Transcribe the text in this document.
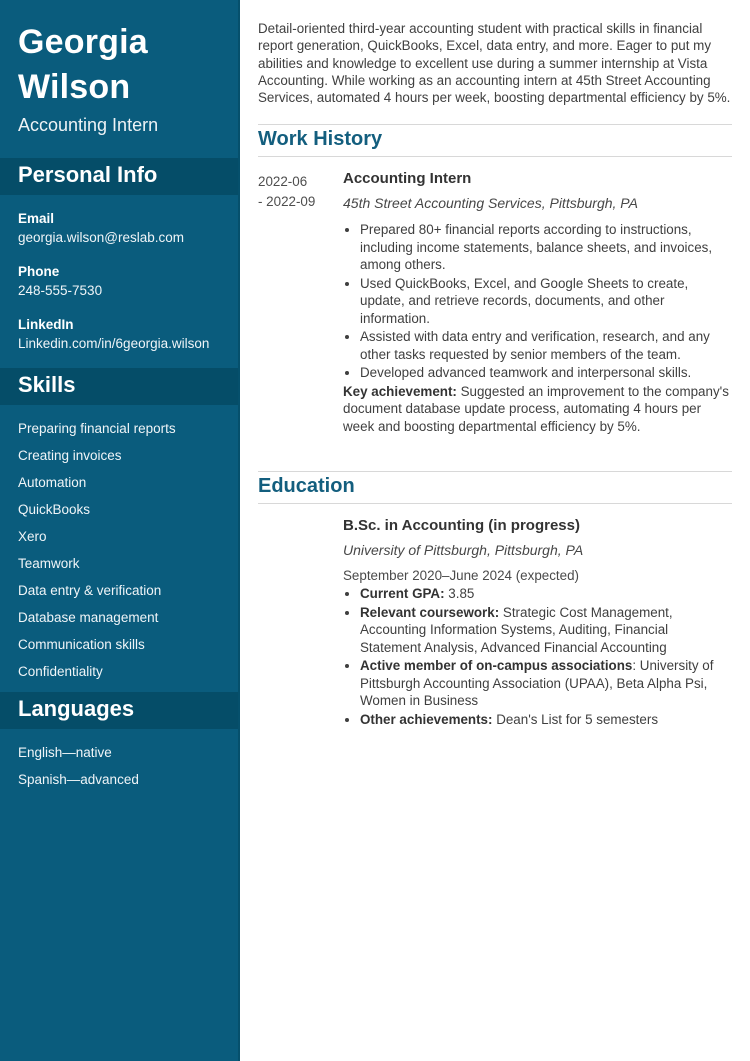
Georgia Wilson
Accounting Intern
Personal Info
Email
georgia.wilson@reslab.com
Phone
248-555-7530
LinkedIn
Linkedin.com/in/6georgia.wilson
Skills
Preparing financial reports
Creating invoices
Automation
QuickBooks
Xero
Teamwork
Data entry & verification
Database management
Communication skills
Confidentiality
Languages
English—native
Spanish—advanced

Detail-oriented third-year accounting student with practical skills in financial report generation, QuickBooks, Excel, data entry, and more. Eager to put my abilities and knowledge to excellent use during a summer internship at Vista Accounting. While working as an accounting intern at 45th Street Accounting Services, automated 4 hours per week, boosting departmental efficiency by 5%.

Work History
2022-06
- 2022-09
Accounting Intern
45th Street Accounting Services, Pittsburgh, PA
• Prepared 80+ financial reports according to instructions, including income statements, balance sheets, and invoices, among others.
• Used QuickBooks, Excel, and Google Sheets to create, update, and retrieve records, documents, and other information.
• Assisted with data entry and verification, research, and any other tasks requested by senior members of the team.
• Developed advanced teamwork and interpersonal skills.

Key achievement: Suggested an improvement to the company's document database update process, automating 4 hours per week and boosting departmental efficiency by 5%.

Education
B.Sc. in Accounting (in progress)
University of Pittsburgh, Pittsburgh, PA
September 2020–June 2024 (expected)
• Current GPA: 3.85
• Relevant coursework: Strategic Cost Management, Accounting Information Systems, Auditing, Financial Statement Analysis, Advanced Financial Accounting
• Active member of on-campus associations: University of Pittsburgh Accounting Association (UPAA), Beta Alpha Psi, Women in Business
• Other achievements: Dean's List for 5 semesters
